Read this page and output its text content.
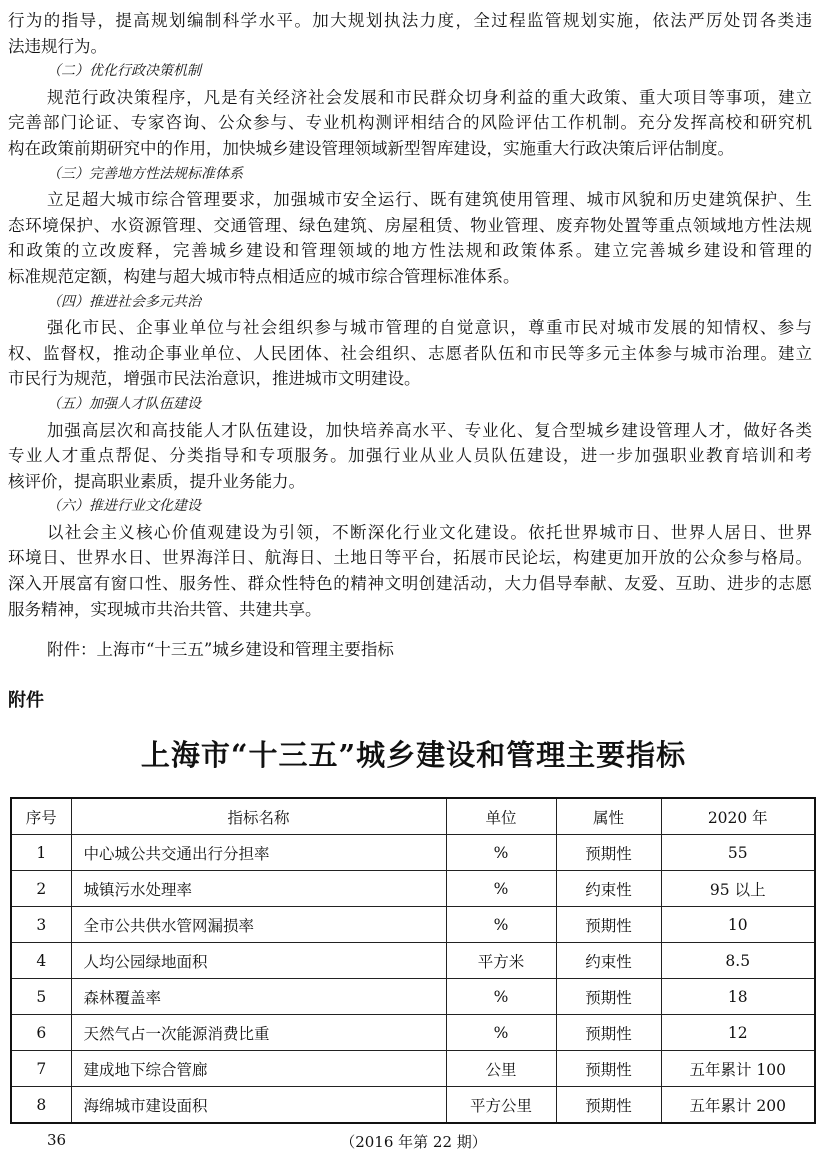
行为的指导，提高规划编制科学水平。加大规划执法力度，全过程监管规划实施，依法严厉处罚各类违
法违规行为。
（二）优化行政决策机制
规范行政决策程序，凡是有关经济社会发展和市民群众切身利益的重大政策、重大项目等事项，建立
完善部门论证、专家咨询、公众参与、专业机构测评相结合的风险评估工作机制。充分发挥高校和研究机
构在政策前期研究中的作用，加快城乡建设管理领域新型智库建设，实施重大行政决策后评估制度。
（三）完善地方性法规标准体系
立足超大城市综合管理要求，加强城市安全运行、既有建筑使用管理、城市风貌和历史建筑保护、生
态环境保护、水资源管理、交通管理、绿色建筑、房屋租赁、物业管理、废弃物处置等重点领域地方性法规
和政策的立改废释，完善城乡建设和管理领域的地方性法规和政策体系。建立完善城乡建设和管理的
标准规范定额，构建与超大城市特点相适应的城市综合管理标准体系。
（四）推进社会多元共治
强化市民、企事业单位与社会组织参与城市管理的自觉意识，尊重市民对城市发展的知情权、参与
权、监督权，推动企事业单位、人民团体、社会组织、志愿者队伍和市民等多元主体参与城市治理。建立
市民行为规范，增强市民法治意识，推进城市文明建设。
（五）加强人才队伍建设
加强高层次和高技能人才队伍建设，加快培养高水平、专业化、复合型城乡建设管理人才，做好各类
专业人才重点帮促、分类指导和专项服务。加强行业从业人员队伍建设，进一步加强职业教育培训和考
核评价，提高职业素质，提升业务能力。
（六）推进行业文化建设
以社会主义核心价值观建设为引领，不断深化行业文化建设。依托世界城市日、世界人居日、世界
环境日、世界水日、世界海洋日、航海日、土地日等平台，拓展市民论坛，构建更加开放的公众参与格局。
深入开展富有窗口性、服务性、群众性特色的精神文明创建活动，大力倡导奉献、友爱、互助、进步的志愿
服务精神，实现城市共治共管、共建共享。
附件：上海市“十三五”城乡建设和管理主要指标
附件
上海市“十三五”城乡建设和管理主要指标
序号	指标名称	单位	属性	2020 年
1	中心城公共交通出行分担率	%	预期性	55
2	城镇污水处理率	%	约束性	95 以上
3	全市公共供水管网漏损率	%	预期性	10
4	人均公园绿地面积	平方米	约束性	8.5
5	森林覆盖率	%	预期性	18
6	天然气占一次能源消费比重	%	预期性	12
7	建成地下综合管廊	公里	预期性	五年累计 100
8	海绵城市建设面积	平方公里	预期性	五年累计 200
36	（2016 年第 22 期）
